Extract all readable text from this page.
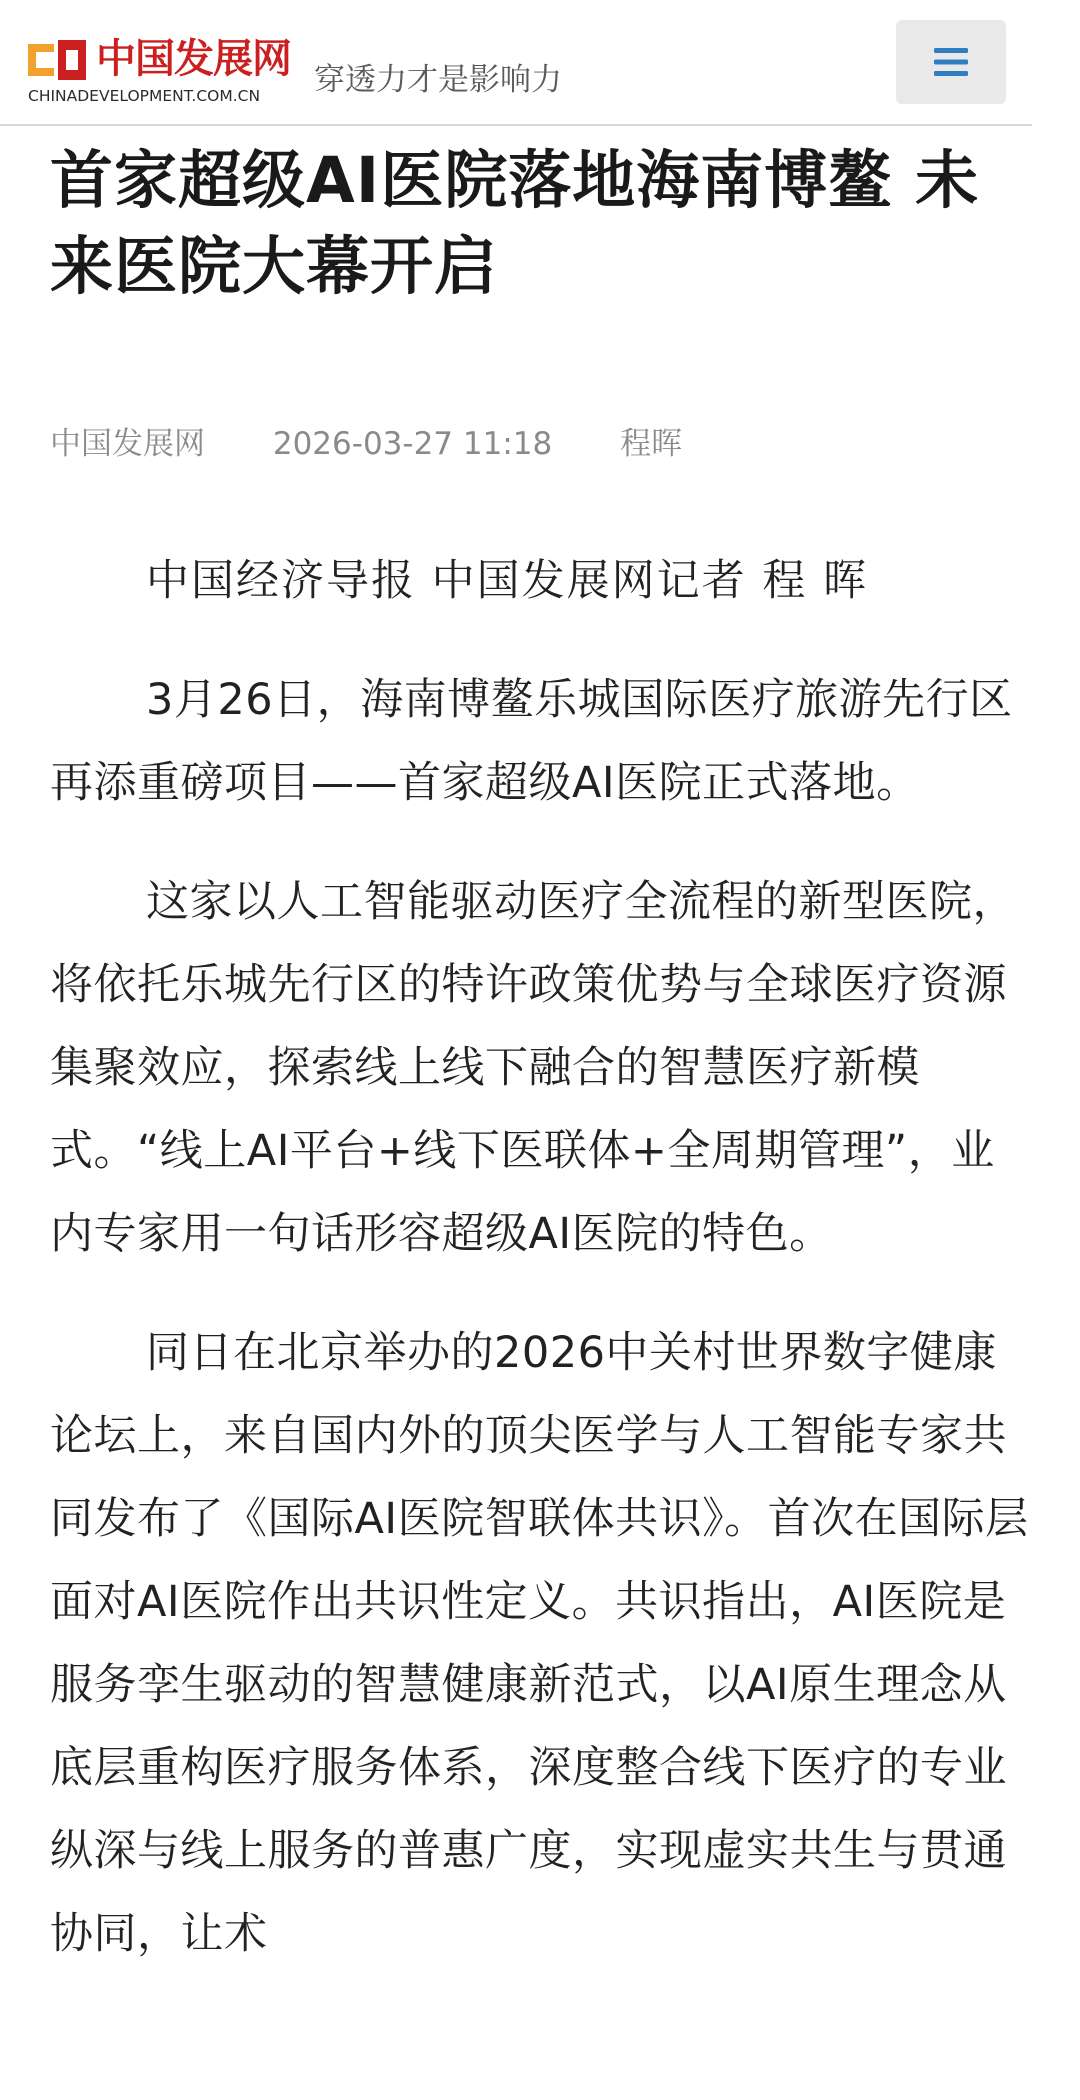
中国发展网
CHINADEVELOPMENT.COM.CN 穿透力才是影响力
首家超级AI医院落地海南博鳌 未来医院大幕开启
中国发展网 2026-03-27 11:18 程晖

中国经济导报 中国发展网记者 程 晖

3月26日，海南博鳌乐城国际医疗旅游先行区再添重磅项目——首家超级AI医院正式落地。

这家以人工智能驱动医疗全流程的新型医院，将依托乐城先行区的特许政策优势与全球医疗资源集聚效应，探索线上线下融合的智慧医疗新模式。“线上AI平台+线下医联体+全周期管理”，业内专家用一句话形容超级AI医院的特色。

同日在北京举办的2026中关村世界数字健康论坛上，来自国内外的顶尖医学与人工智能专家共同发布了《国际AI医院智联体共识》。首次在国际层面对AI医院作出共识性定义。共识指出，AI医院是服务孪生驱动的智慧健康新范式，以AI原生理念从底层重构医疗服务体系，深度整合线下医疗的专业纵深与线上服务的普惠广度，实现虚实共生与贯通协同，让术
